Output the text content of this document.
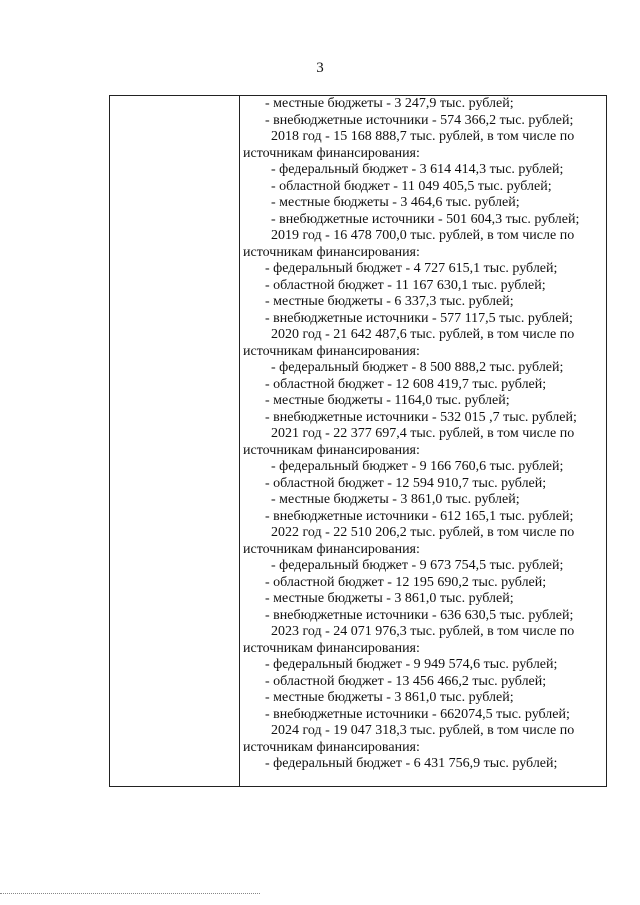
3
- местные бюджеты - 3 247,9 тыс. рублей;
- внебюджетные источники - 574 366,2 тыс. рублей;
2018 год - 15 168 888,7 тыс. рублей, в том числе по
источникам финансирования:
- федеральный бюджет - 3 614 414,3 тыс. рублей;
- областной бюджет - 11 049 405,5 тыс. рублей;
- местные бюджеты - 3 464,6 тыс. рублей;
- внебюджетные источники - 501 604,3 тыс. рублей;
2019 год - 16 478 700,0 тыс. рублей, в том числе по
источникам финансирования:
- федеральный бюджет - 4 727 615,1 тыс. рублей;
- областной бюджет - 11 167 630,1 тыс. рублей;
- местные бюджеты - 6 337,3 тыс. рублей;
- внебюджетные источники - 577 117,5 тыс. рублей;
2020 год - 21 642 487,6 тыс. рублей, в том числе по
источникам финансирования:
- федеральный бюджет - 8 500 888,2 тыс. рублей;
- областной бюджет - 12 608 419,7 тыс. рублей;
- местные бюджеты - 1164,0 тыс. рублей;
- внебюджетные источники - 532 015 ,7 тыс. рублей;
2021 год - 22 377 697,4 тыс. рублей, в том числе по
источникам финансирования:
- федеральный бюджет - 9 166 760,6 тыс. рублей;
- областной бюджет - 12 594 910,7 тыс. рублей;
- местные бюджеты - 3 861,0 тыс. рублей;
- внебюджетные источники - 612 165,1 тыс. рублей;
2022 год - 22 510 206,2 тыс. рублей, в том числе по
источникам финансирования:
- федеральный бюджет - 9 673 754,5 тыс. рублей;
- областной бюджет - 12 195 690,2 тыс. рублей;
- местные бюджеты - 3 861,0 тыс. рублей;
- внебюджетные источники - 636 630,5 тыс. рублей;
2023 год - 24 071 976,3 тыс. рублей, в том числе по
источникам финансирования:
- федеральный бюджет - 9 949 574,6 тыс. рублей;
- областной бюджет - 13 456 466,2 тыс. рублей;
- местные бюджеты - 3 861,0 тыс. рублей;
- внебюджетные источники - 662074,5 тыс. рублей;
2024 год - 19 047 318,3 тыс. рублей, в том числе по
источникам финансирования:
- федеральный бюджет - 6 431 756,9 тыс. рублей;
